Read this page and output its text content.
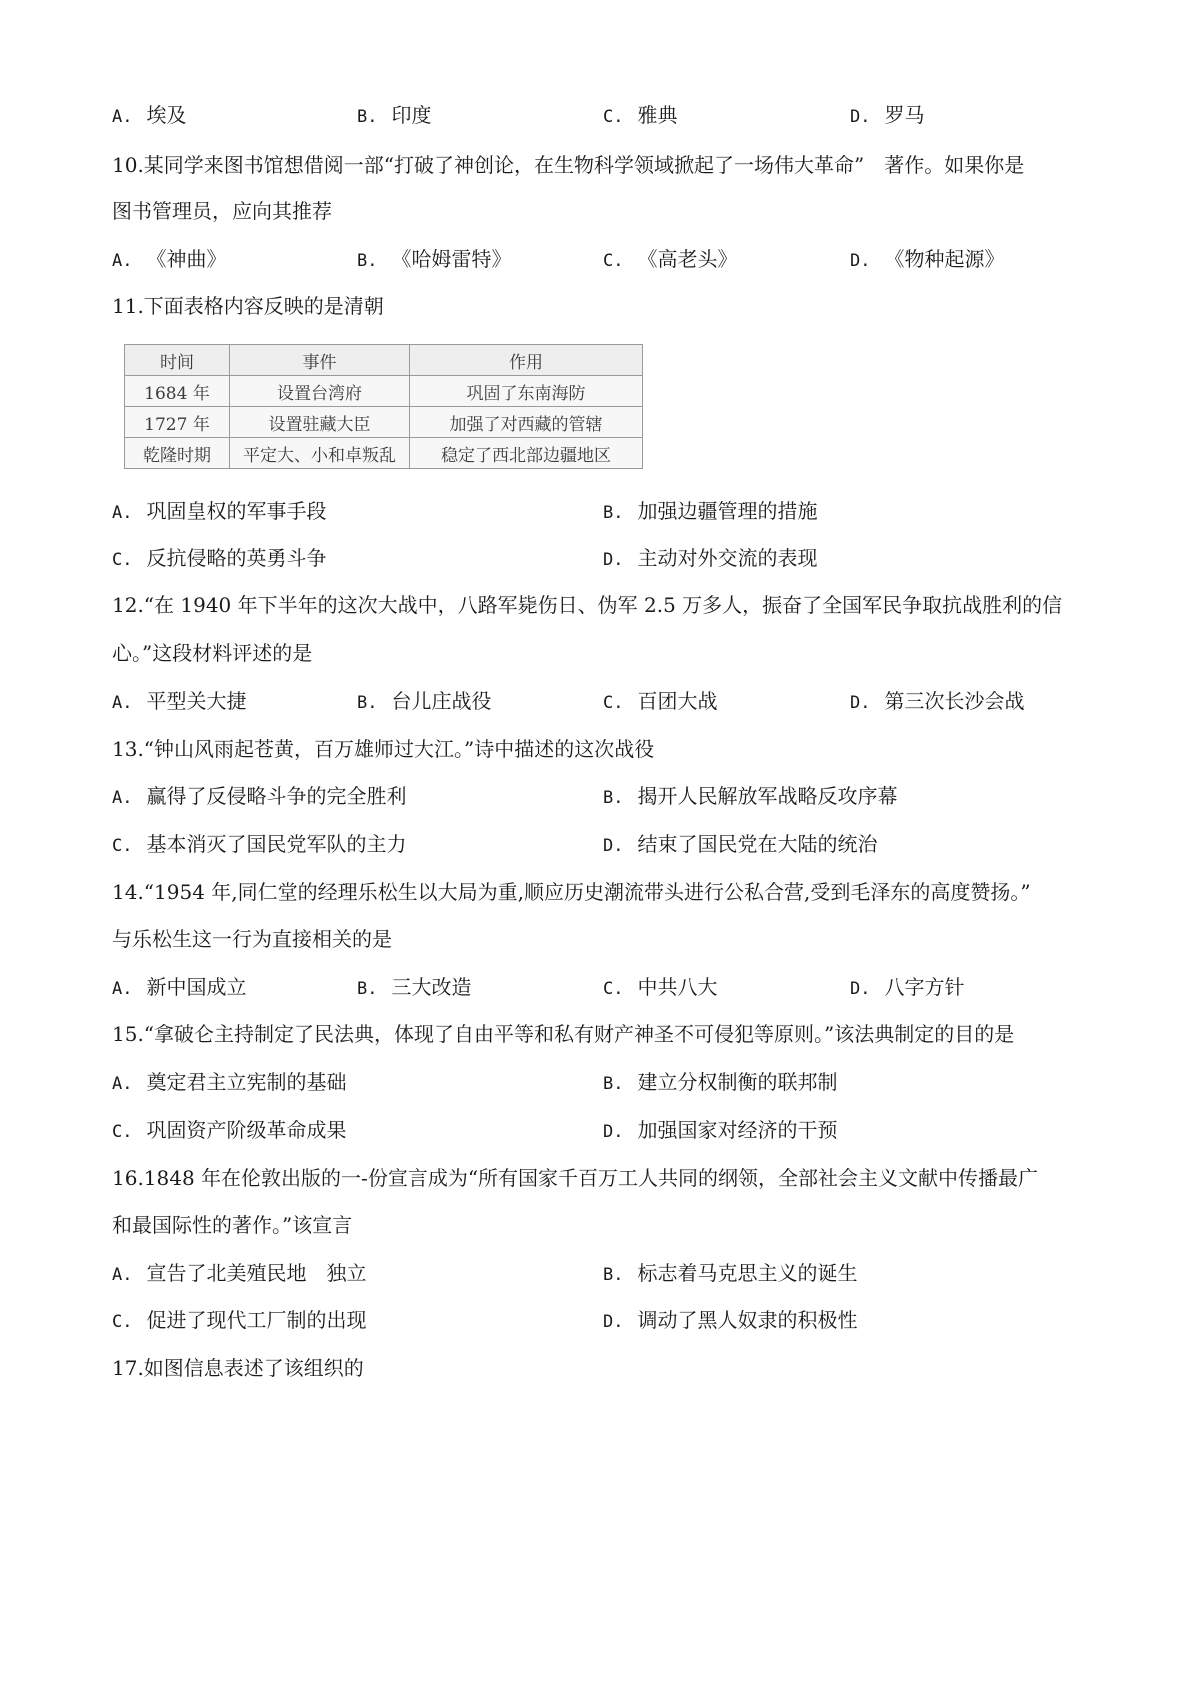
A. 埃及	B. 印度	C. 雅典	D. 罗马
10.某同学来图书馆想借阅一部“打破了神创论，在生物科学领域掀起了一场伟大革命”　著作。如果你是
图书管理员，应向其推荐
A. 《神曲》	B. 《哈姆雷特》	C. 《高老头》	D. 《物种起源》
11.下面表格内容反映的是清朝
时间	事件	作用
1684 年	设置台湾府	巩固了东南海防
1727 年	设置驻藏大臣	加强了对西藏的管辖
乾隆时期	平定大、小和卓叛乱	稳定了西北部边疆地区
A. 巩固皇权的军事手段	B. 加强边疆管理的措施
C. 反抗侵略的英勇斗争	D. 主动对外交流的表现
12.“在 1940 年下半年的这次大战中，八路军毙伤日、伪军 2.5 万多人，振奋了全国军民争取抗战胜利的信
心。”这段材料评述的是
A. 平型关大捷	B. 台儿庄战役	C. 百团大战	D. 第三次长沙会战
13.“钟山风雨起苍黄，百万雄师过大江。”诗中描述的这次战役
A. 赢得了反侵略斗争的完全胜利	B. 揭开人民解放军战略反攻序幕
C. 基本消灭了国民党军队的主力	D. 结束了国民党在大陆的统治
14.“1954 年,同仁堂的经理乐松生以大局为重,顺应历史潮流带头进行公私合营,受到毛泽东的高度赞扬。”
与乐松生这一行为直接相关的是
A. 新中国成立	B. 三大改造	C. 中共八大	D. 八字方针
15.“拿破仑主持制定了民法典，体现了自由平等和私有财产神圣不可侵犯等原则。”该法典制定的目的是
A. 奠定君主立宪制的基础	B. 建立分权制衡的联邦制
C. 巩固资产阶级革命成果	D. 加强国家对经济的干预
16.1848 年在伦敦出版的一-份宣言成为“所有国家千百万工人共同的纲领，全部社会主义文献中传播最广
和最国际性的著作。”该宣言
A. 宣告了北美殖民地　独立	B. 标志着马克思主义的诞生
C. 促进了现代工厂制的出现	D. 调动了黑人奴隶的积极性
17.如图信息表述了该组织的
